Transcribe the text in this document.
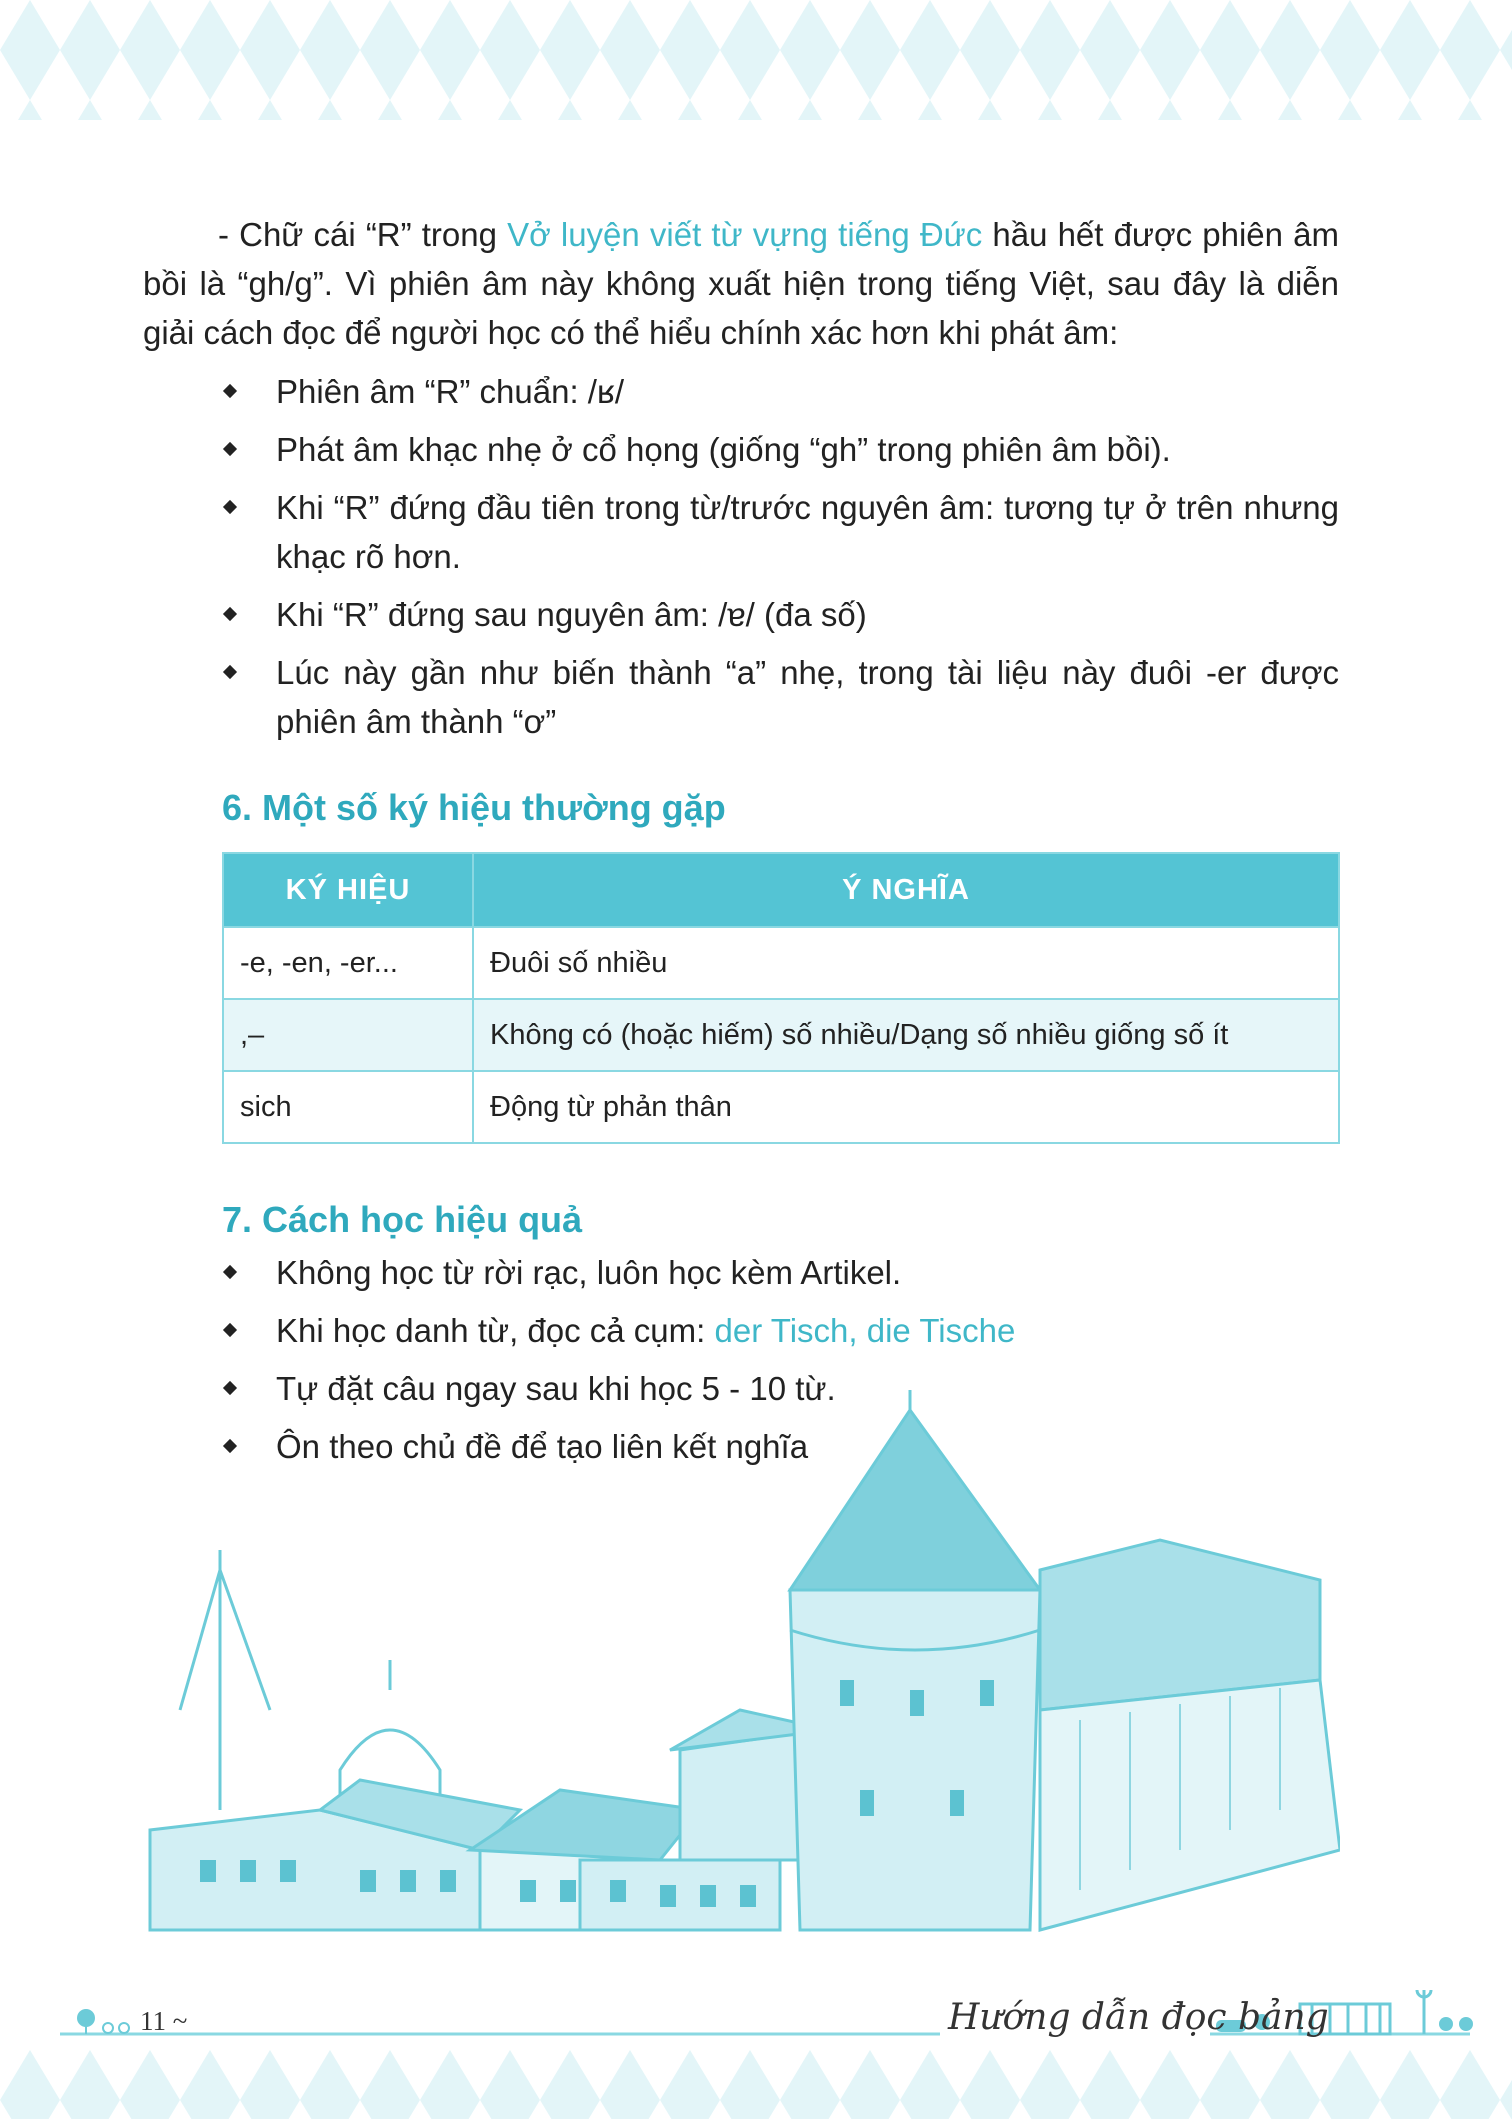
- Chữ cái “R” trong Vở luyện viết từ vựng tiếng Đức hầu hết được phiên âm bồi là “gh/g”. Vì phiên âm này không xuất hiện trong tiếng Việt, sau đây là diễn giải cách đọc để người học có thể hiểu chính xác hơn khi phát âm:

Phiên âm “R” chuẩn: /ʁ/
Phát âm khạc nhẹ ở cổ họng (giống “gh” trong phiên âm bồi).
Khi “R” đứng đầu tiên trong từ/trước nguyên âm: tương tự ở trên nhưng khạc rõ hơn.
Khi “R” đứng sau nguyên âm: /ɐ/ (đa số)
Lúc này gần như biến thành “a” nhẹ, trong tài liệu này đuôi -er được phiên âm thành “ơ”
6. Một số ký hiệu thường gặp
KÝ HIỆU	Ý NGHĨA
-e, -en, -er...	Đuôi số nhiều
,–	Không có (hoặc hiếm) số nhiều/Dạng số nhiều giống số ít
sich	Động từ phản thân
7. Cách học hiệu quả
Không học từ rời rạc, luôn học kèm Artikel.
Khi học danh từ, đọc cả cụm: der Tisch, die Tische
Tự đặt câu ngay sau khi học 5 - 10 từ.
Ôn theo chủ đề để tạo liên kết nghĩa
11 ~	Hướng dẫn đọc bảng
